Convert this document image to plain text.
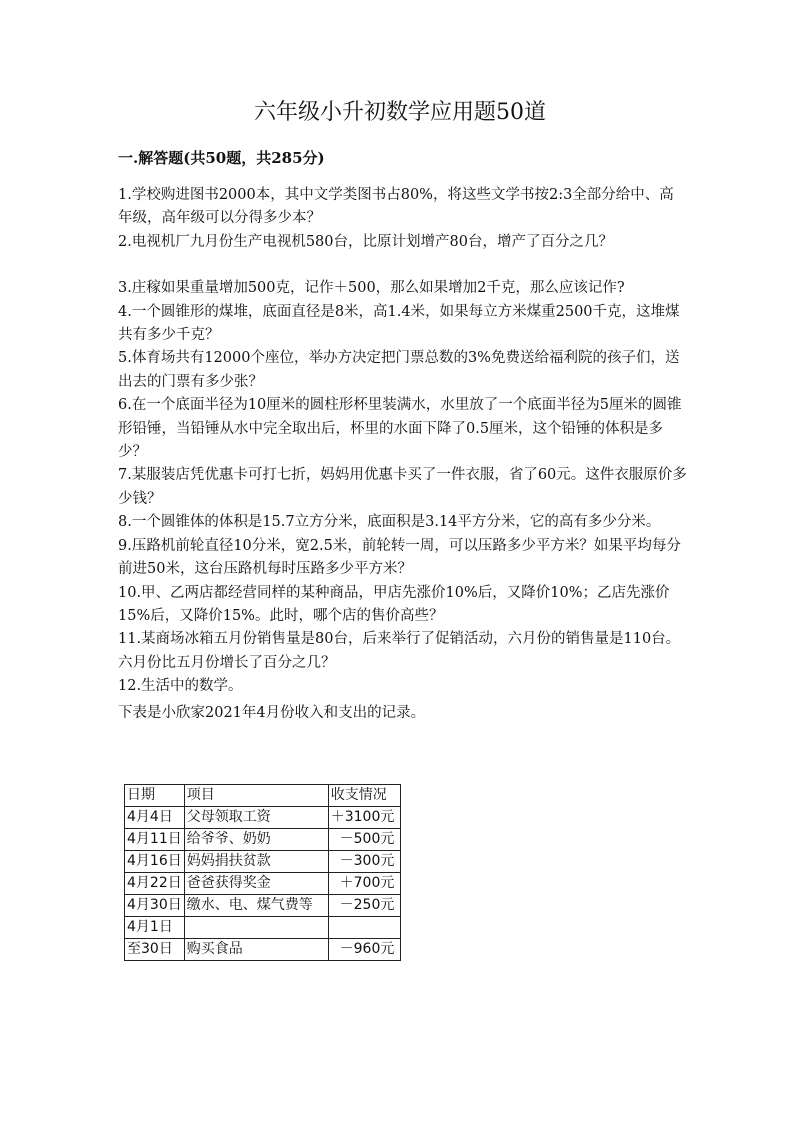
六年级小升初数学应用题50道
一.解答题(共50题，共285分)

1.学校购进图书2000本，其中文学类图书占80%，将这些文学书按2:3全部分给中、高年级，高年级可以分得多少本？

2.电视机厂九月份生产电视机580台，比原计划增产80台，增产了百分之几？

3.庄稼如果重量增加500克，记作＋500，那么如果增加2千克，那么应该记作?

4.一个圆锥形的煤堆，底面直径是8米，高1.4米，如果每立方米煤重2500千克，这堆煤共有多少千克？

5.体育场共有12000个座位，举办方决定把门票总数的3%免费送给福利院的孩子们，送出去的门票有多少张？

6.在一个底面半径为10厘米的圆柱形杯里装满水，水里放了一个底面半径为5厘米的圆锥形铅锤，当铅锤从水中完全取出后，杯里的水面下降了0.5厘米，这个铅锤的体积是多少？

7.某服装店凭优惠卡可打七折，妈妈用优惠卡买了一件衣服，省了60元。这件衣服原价多少钱？

8.一个圆锥体的体积是15.7立方分米，底面积是3.14平方分米，它的高有多少分米。

9.压路机前轮直径10分米，宽2.5米，前轮转一周，可以压路多少平方米？如果平均每分前进50米，这台压路机每时压路多少平方米？

10.甲、乙两店都经营同样的某种商品，甲店先涨价10%后，又降价10%；乙店先涨价15%后，又降价15%。此时，哪个店的售价高些？

11.某商场冰箱五月份销售量是80台，后来举行了促销活动，六月份的销售量是110台。六月份比五月份增长了百分之几？

12.生活中的数学。

下表是小欣家2021年4月份收入和支出的记录。

日期	项目	收支情况
4月4日	父母领取工资	＋3100元
4月11日	给爷爷、奶奶	－500元
4月16日	妈妈捐扶贫款	－300元
4月22日	爸爸获得奖金	＋700元
4月30日	缴水、电、煤气费等	－250元
4月1日		
至30日	购买食品	－960元
